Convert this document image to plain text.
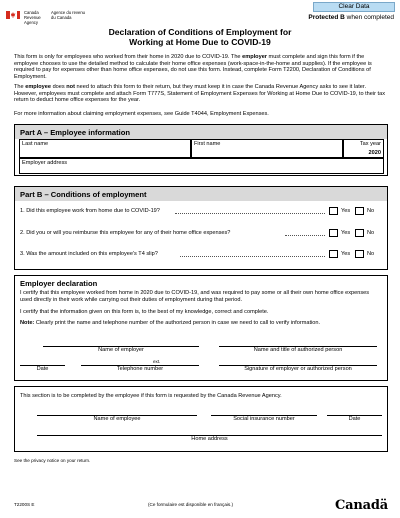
Canada Revenue Agency
Agence du revenu du Canada
Clear Data
Protected B when completed
Declaration of Conditions of Employment for
Working at Home Due to COVID-19
This form is only for employees who worked from their home in 2020 due to COVID-19. The employer must complete and sign this form if the employee chooses to use the detailed method to calculate their home office expenses (work-space-in-the-home and supplies). If the employee is required to pay for expenses other than home office expenses, do not use this form. Instead, complete Form T2200, Declaration of Conditions of Employment.
The employee does not need to attach this form to their return, but they must keep it in case the Canada Revenue Agency asks to see it later. However, employees must complete and attach Form T777S, Statement of Employment Expenses for Working at Home Due to COVID-19, to their tax return to deduct home office expenses for the year.
For more information about claiming employment expenses, see Guide T4044, Employment Expenses.
Part A – Employee information
Last name	First name	Tax year
2020
Employer address
Part B – Conditions of employment
1. Did this employee work from home due to COVID-19?	Yes	No
2. Did you or will you reimburse this employee for any of their home office expenses?	Yes	No
3. Was the amount included on this employee's T4 slip?	Yes	No
Employer declaration
I certify that this employee worked from home in 2020 due to COVID-19, and was required to pay some or all their own home office expenses used directly in their work while carrying out their duties of employment during that period.
I certify that the information given on this form is, to the best of my knowledge, correct and complete.
Note: Clearly print the name and telephone number of the authorized person in case we need to call to verify information.
Name of employer	Name and title of authorized person
ext.
Date	Telephone number	Signature of employer or authorized person
This section is to be completed by the employee if this form is requested by the Canada Revenue Agency.
Name of employee	Social insurance number	Date
Home address
See the privacy notice on your return.
T2200S E	(Ce formulaire est disponible en français.)	Canadä
